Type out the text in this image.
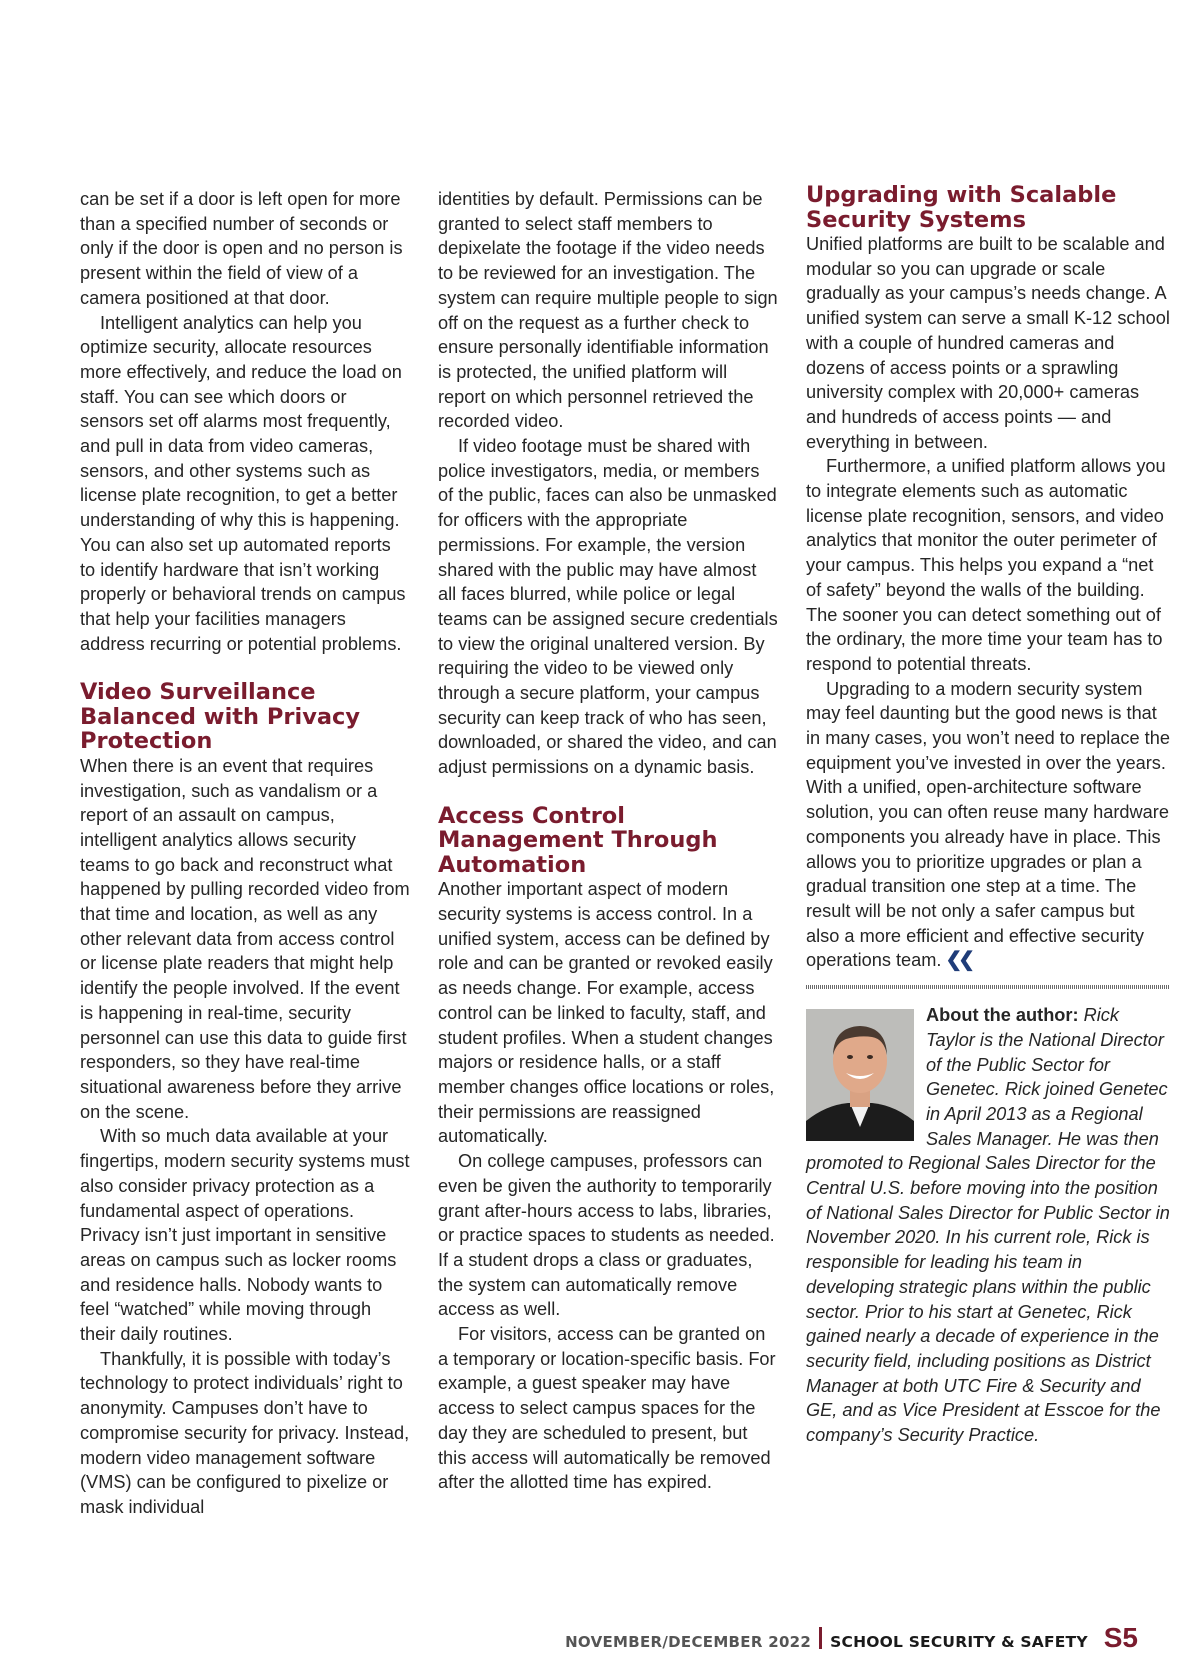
can be set if a door is left open for more than a specified number of seconds or only if the door is open and no person is present within the field of view of a camera positioned at that door.

Intelligent analytics can help you optimize security, allocate resources more effectively, and reduce the load on staff. You can see which doors or sensors set off alarms most frequently, and pull in data from video cameras, sensors, and other systems such as license plate recognition, to get a better understanding of why this is happening. You can also set up automated reports to identify hardware that isn’t working properly or behavioral trends on campus that help your facilities managers address recurring or potential problems.

Video Surveillance Balanced with Privacy Protection

When there is an event that requires investigation, such as vandalism or a report of an assault on campus, intelligent analytics allows security teams to go back and reconstruct what happened by pulling recorded video from that time and location, as well as any other relevant data from access control or license plate readers that might help identify the people involved. If the event is happening in real-time, security personnel can use this data to guide first responders, so they have real-time situational awareness before they arrive on the scene.

With so much data available at your fingertips, modern security systems must also consider privacy protection as a fundamental aspect of operations. Privacy isn’t just important in sensitive areas on campus such as locker rooms and residence halls. Nobody wants to feel “watched” while moving through their daily routines.

Thankfully, it is possible with today’s technology to protect individuals’ right to anonymity. Campuses don’t have to compromise security for privacy. Instead, modern video management software (VMS) can be configured to pixelize or mask individual

identities by default. Permissions can be granted to select staff members to depixelate the footage if the video needs to be reviewed for an investigation. The system can require multiple people to sign off on the request as a further check to ensure personally identifiable information is protected, the unified platform will report on which personnel retrieved the recorded video.

If video footage must be shared with police investigators, media, or members of the public, faces can also be unmasked for officers with the appropriate permissions. For example, the version shared with the public may have almost all faces blurred, while police or legal teams can be assigned secure credentials to view the original unaltered version. By requiring the video to be viewed only through a secure platform, your campus security can keep track of who has seen, downloaded, or shared the video, and can adjust permissions on a dynamic basis.

Access Control Management Through Automation

Another important aspect of modern security systems is access control. In a unified system, access can be defined by role and can be granted or revoked easily as needs change. For example, access control can be linked to faculty, staff, and student profiles. When a student changes majors or residence halls, or a staff member changes office locations or roles, their permissions are reassigned automatically.

On college campuses, professors can even be given the authority to temporarily grant after-hours access to labs, libraries, or practice spaces to students as needed. If a student drops a class or graduates, the system can automatically remove access as well.

For visitors, access can be granted on a temporary or location-specific basis. For example, a guest speaker may have access to select campus spaces for the day they are scheduled to present, but this access will automatically be removed after the allotted time has expired.

Upgrading with Scalable Security Systems

Unified platforms are built to be scalable and modular so you can upgrade or scale gradually as your campus’s needs change. A unified system can serve a small K-12 school with a couple of hundred cameras and dozens of access points or a sprawling university complex with 20,000+ cameras and hundreds of access points — and everything in between.

Furthermore, a unified platform allows you to integrate elements such as automatic license plate recognition, sensors, and video analytics that monitor the outer perimeter of your campus. This helps you expand a “net of safety” beyond the walls of the building. The sooner you can detect something out of the ordinary, the more time your team has to respond to potential threats.

Upgrading to a modern security system may feel daunting but the good news is that in many cases, you won’t need to replace the equipment you’ve invested in over the years. With a unified, open-architecture software solution, you can often reuse many hardware components you already have in place. This allows you to prioritize upgrades or plan a gradual transition one step at a time. The result will be not only a safer campus but also a more efficient and effective security operations team. ❮❮

About the author: Rick Taylor is the National Director of the Public Sector for Genetec. Rick joined Genetec in April 2013 as a Regional Sales Manager. He was then promoted to Regional Sales Director for the Central U.S. before moving into the position of National Sales Director for Public Sector in November 2020. In his current role, Rick is responsible for leading his team in developing strategic plans within the public sector. Prior to his start at Genetec, Rick gained nearly a decade of experience in the security field, including positions as District Manager at both UTC Fire & Security and GE, and as Vice President at Esscoe for the company’s Security Practice.
NOVEMBER/DECEMBER 2022 SCHOOL SECURITY & SAFETY S5
